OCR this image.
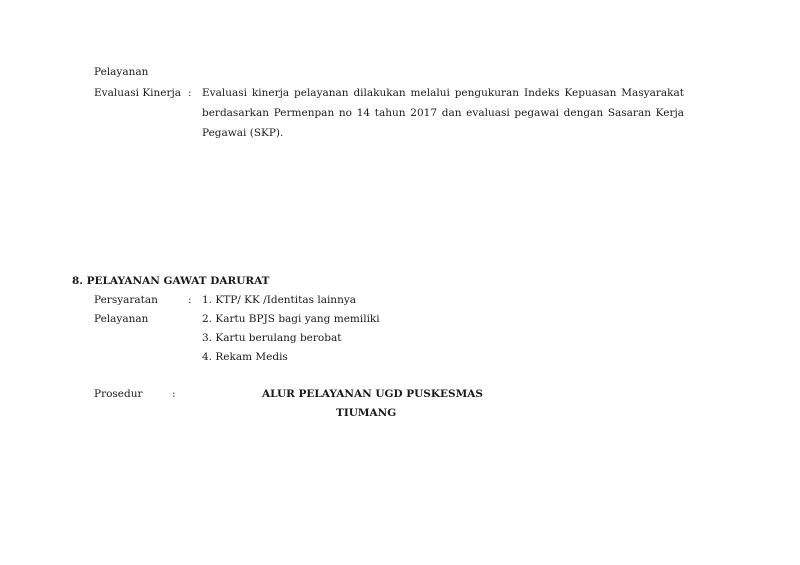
Pelayanan
Evaluasi Kinerja : Evaluasi kinerja pelayanan dilakukan melalui pengukuran Indeks Kepuasan Masyarakat
berdasarkan Permenpan no 14 tahun 2017 dan evaluasi pegawai dengan Sasaran Kerja
Pegawai (SKP).
8. PELAYANAN GAWAT DARURAT
Persyaratan
Pelayanan
: 1. KTP/ KK /Identitas lainnya
2. Kartu BPJS bagi yang memiliki
3. Kartu berulang berobat
4. Rekam Medis
Prosedur	:	ALUR PELAYANAN UGD PUSKESMAS
TIUMANG
